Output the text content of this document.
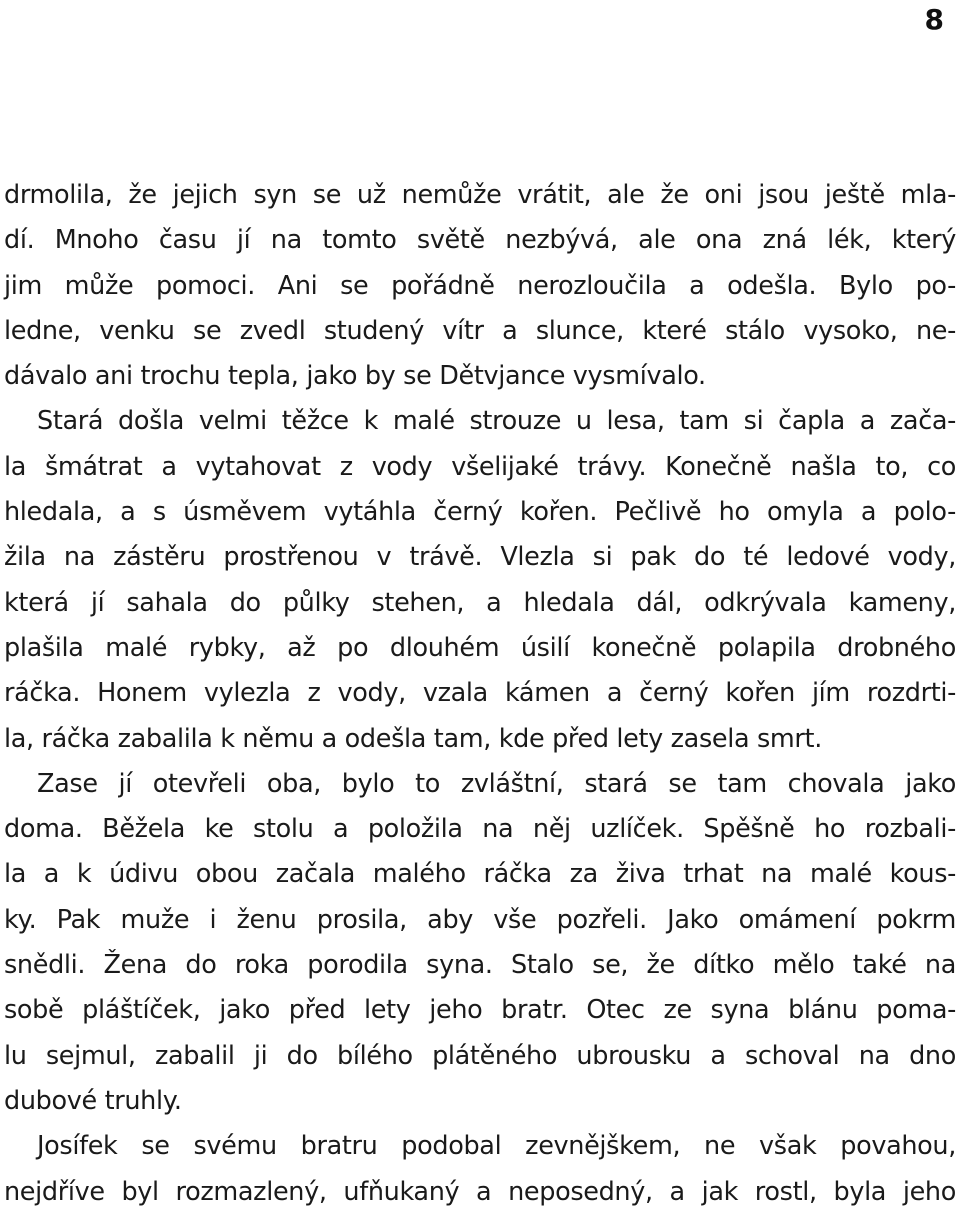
8
drmolila, že jejich syn se už nemůže vrátit, ale že oni jsou ještě mla-
dí. Mnoho času jí na tomto světě nezbývá, ale ona zná lék, který
jim může pomoci. Ani se pořádně nerozloučila a odešla. Bylo po-
ledne, venku se zvedl studený vítr a slunce, které stálo vysoko, ne-
dávalo ani trochu tepla, jako by se Dětvjance vysmívalo.
Stará došla velmi těžce k malé strouze u lesa, tam si čapla a zača-
la šmátrat a vytahovat z vody všelijaké trávy. Konečně našla to, co
hledala, a s úsměvem vytáhla černý kořen. Pečlivě ho omyla a polo-
žila na zástěru prostřenou v trávě. Vlezla si pak do té ledové vody,
která jí sahala do půlky stehen, a hledala dál, odkrývala kameny,
plašila malé rybky, až po dlouhém úsilí konečně polapila drobného
ráčka. Honem vylezla z vody, vzala kámen a černý kořen jím rozdrti-
la, ráčka zabalila k němu a odešla tam, kde před lety zasela smrt.
Zase jí otevřeli oba, bylo to zvláštní, stará se tam chovala jako
doma. Běžela ke stolu a položila na něj uzlíček. Spěšně ho rozbali-
la a k údivu obou začala malého ráčka za živa trhat na malé kous-
ky. Pak muže i ženu prosila, aby vše pozřeli. Jako omámení pokrm
snědli. Žena do roka porodila syna. Stalo se, že dítko mělo také na
sobě pláštíček, jako před lety jeho bratr. Otec ze syna blánu poma-
lu sejmul, zabalil ji do bílého plátěného ubrousku a schoval na dno
dubové truhly.
Josífek se svému bratru podobal zevnějškem, ne však povahou,
nejdříve byl rozmazlený, ufňukaný a neposedný, a jak rostl, byla jeho
